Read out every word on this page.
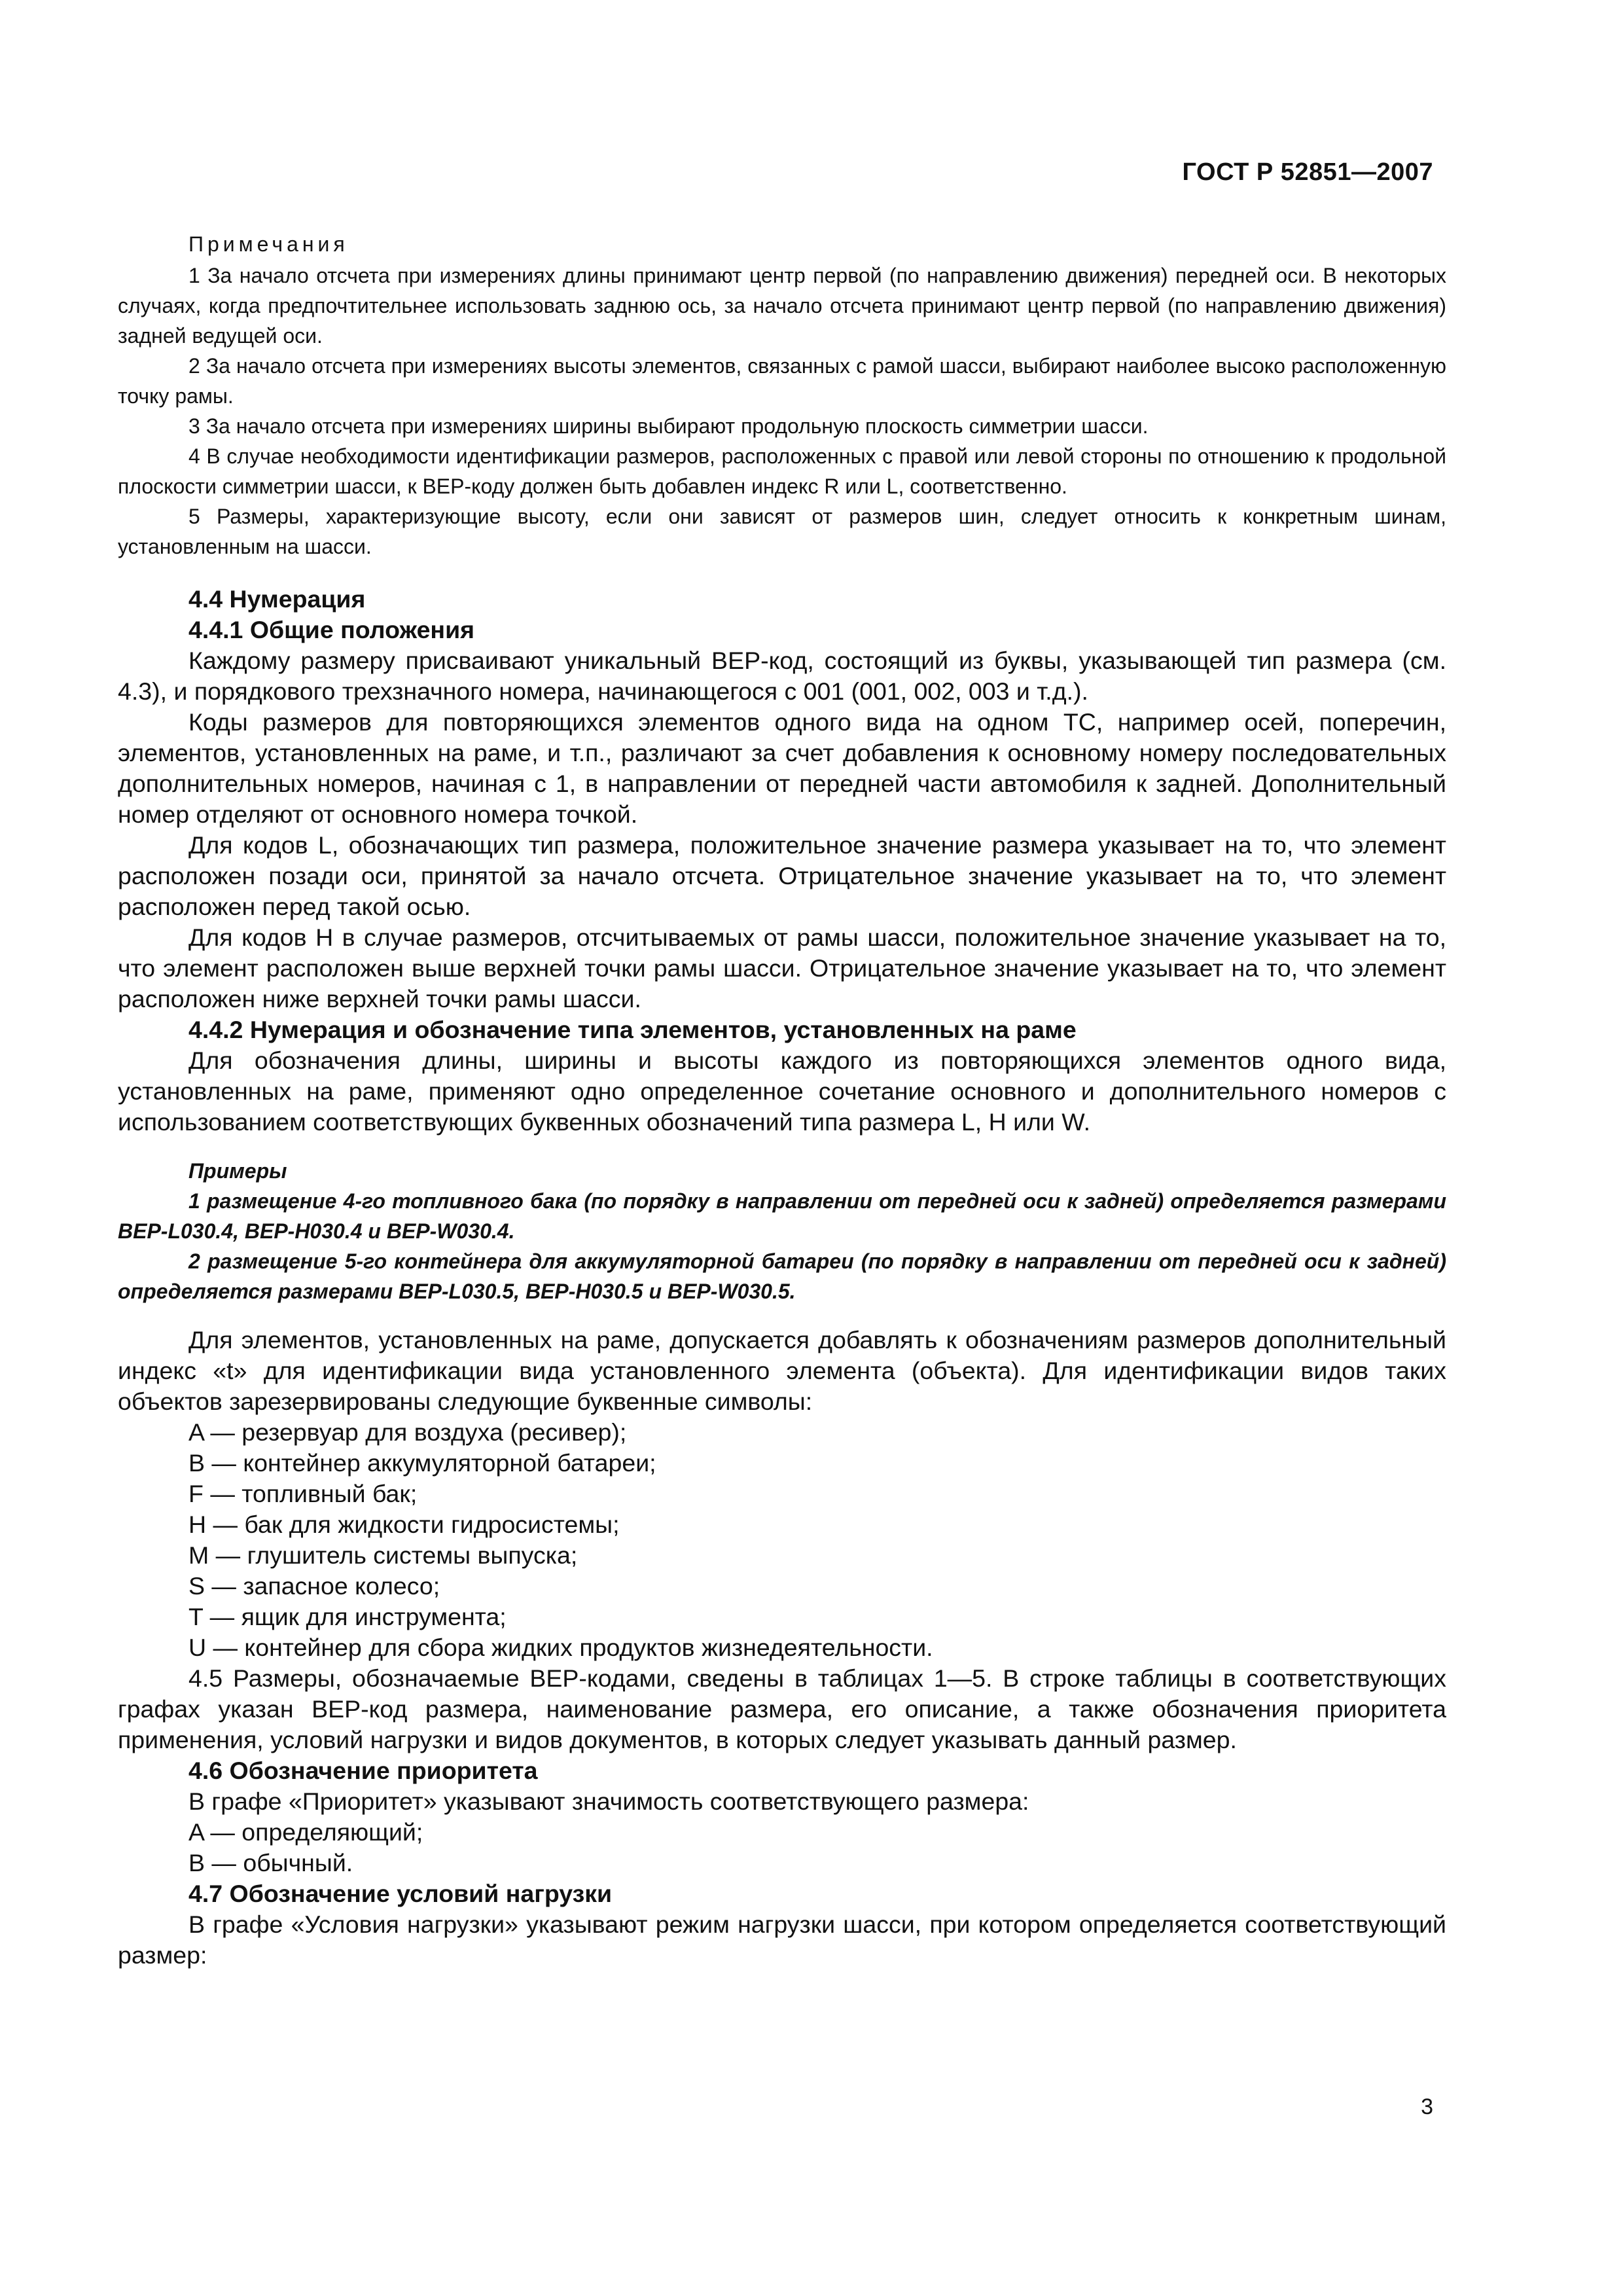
ГОСТ Р 52851—2007

Примечания

1 За начало отсчета при измерениях длины принимают центр первой (по направлению движения) передней оси. В некоторых случаях, когда предпочтительнее использовать заднюю ось, за начало отсчета принимают центр первой (по направлению движения) задней ведущей оси.

2 За начало отсчета при измерениях высоты элементов, связанных с рамой шасси, выбирают наиболее высоко расположенную точку рамы.

3 За начало отсчета при измерениях ширины выбирают продольную плоскость симметрии шасси.

4 В случае необходимости идентификации размеров, расположенных с правой или левой стороны по отношению к продольной плоскости симметрии шасси, к BEP-коду должен быть добавлен индекс R или L, соответственно.

5 Размеры, характеризующие высоту, если они зависят от размеров шин, следует относить к конкретным шинам, установленным на шасси.

4.4 Нумерация
4.4.1 Общие положения

Каждому размеру присваивают уникальный BEP-код, состоящий из буквы, указывающей тип размера (см. 4.3), и порядкового трехзначного номера, начинающегося с 001 (001, 002, 003 и т.д.).

Коды размеров для повторяющихся элементов одного вида на одном ТС, например осей, поперечин, элементов, установленных на раме, и т.п., различают за счет добавления к основному номеру последовательных дополнительных номеров, начиная с 1, в направлении от передней части автомобиля к задней. Дополнительный номер отделяют от основного номера точкой.

Для кодов L, обозначающих тип размера, положительное значение размера указывает на то, что элемент расположен позади оси, принятой за начало отсчета. Отрицательное значение указывает на то, что элемент расположен перед такой осью.

Для кодов H в случае размеров, отсчитываемых от рамы шасси, положительное значение указывает на то, что элемент расположен выше верхней точки рамы шасси. Отрицательное значение указывает на то, что элемент расположен ниже верхней точки рамы шасси.

4.4.2 Нумерация и обозначение типа элементов, установленных на раме

Для обозначения длины, ширины и высоты каждого из повторяющихся элементов одного вида, установленных на раме, применяют одно определенное сочетание основного и дополнительного номеров с использованием соответствующих буквенных обозначений типа размера L, H или W.

Примеры

1 размещение 4-го топливного бака (по порядку в направлении от передней оси к задней) определяется размерами BEP-L030.4, BEP-H030.4 и BEP-W030.4.

2 размещение 5-го контейнера для аккумуляторной батареи (по порядку в направлении от передней оси к задней) определяется размерами BEP-L030.5, BEP-H030.5 и BEP-W030.5.

Для элементов, установленных на раме, допускается добавлять к обозначениям размеров дополнительный индекс «t» для идентификации вида установленного элемента (объекта). Для идентификации видов таких объектов зарезервированы следующие буквенные символы:

A — резервуар для воздуха (ресивер);
B — контейнер аккумуляторной батареи;
F — топливный бак;
H — бак для жидкости гидросистемы;
M — глушитель системы выпуска;
S — запасное колесо;
T — ящик для инструмента;
U — контейнер для сбора жидких продуктов жизнедеятельности.

4.5 Размеры, обозначаемые BEP-кодами, сведены в таблицах 1—5. В строке таблицы в соответствующих графах указан BEP-код размера, наименование размера, его описание, а также обозначения приоритета применения, условий нагрузки и видов документов, в которых следует указывать данный размер.

4.6 Обозначение приоритета

В графе «Приоритет» указывают значимость соответствующего размера:

A — определяющий;
B — обычный.
4.7 Обозначение условий нагрузки

В графе «Условия нагрузки» указывают режим нагрузки шасси, при котором определяется соответствующий размер:

3
